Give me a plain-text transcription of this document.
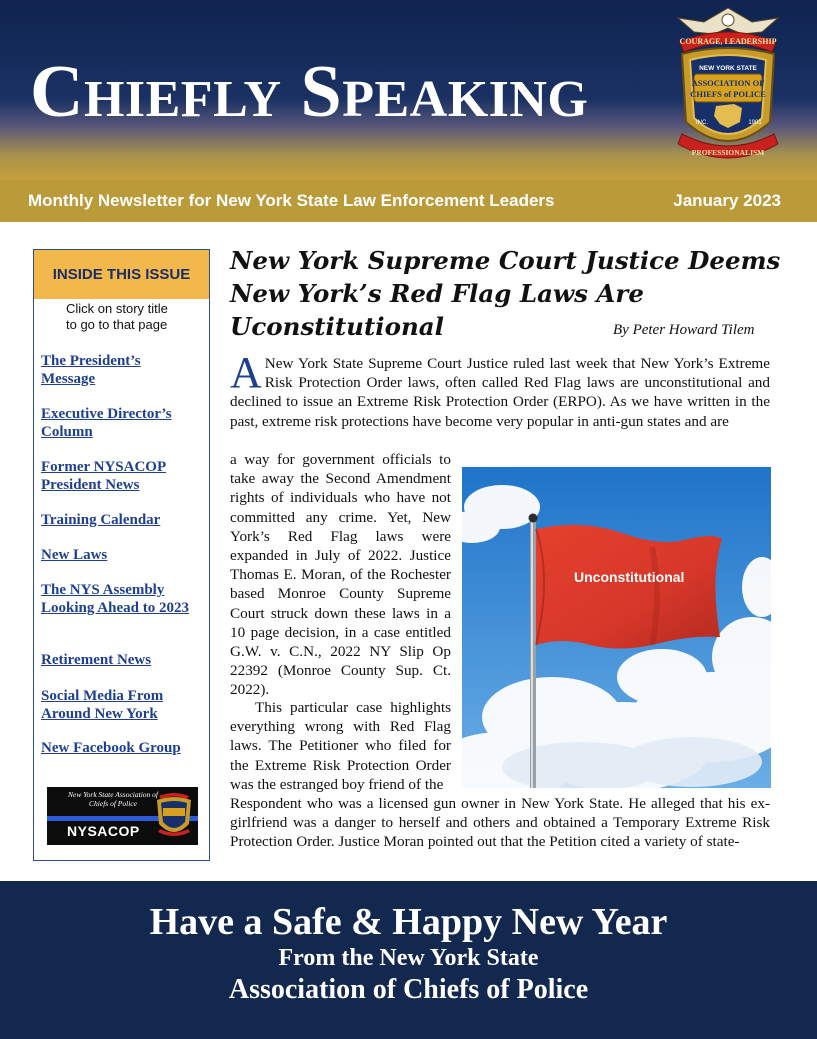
Chiefly Speaking
COURAGE, LEADERSHIP
NEW YORK STATE
ASSOCIATION OF
CHIEFS of POLICE
INC.	1901
PROFESSIONALISM
Monthly Newsletter for New York State Law Enforcement Leaders	January 2023
INSIDE THIS ISSUE
Click on story title
to go to that page
The President’s Message
Executive Director’s Column
Former NYSACOP President News
Training Calendar
New Laws
The NYS Assembly Looking Ahead to 2023
Retirement News
Social Media From Around New York
New Facebook Group
New York State Association of Chiefs of Police
NYSACOP
New York Supreme Court Justice Deems New York’s Red Flag Laws Are Uconstitutional	By Peter Howard Tilem

A New York State Supreme Court Justice ruled last week that New York’s Extreme Risk Protection Order laws, often called Red Flag laws are unconstitutional and declined to issue an Extreme Risk Protection Order (ERPO). As we have written in the past, extreme risk protections have become very popular in anti-gun states and are

a way for government officials to take away the Second Amendment rights of individuals who have not committed any crime. Yet, New York’s Red Flag laws were expanded in July of 2022. Justice Thomas E. Moran, of the Rochester based Monroe County Supreme Court struck down these laws in a 10 page decision, in a case entitled G.W. v. C.N., 2022 NY Slip Op 22392 (Monroe County Sup. Ct. 2022).

Unconstitutional

This particular case highlights everything wrong with Red Flag laws. The Petitioner who filed for the Extreme Risk Protection Order was the estranged boy friend of the

Respondent who was a licensed gun owner in New York State. He alleged that his ex-girlfriend was a danger to herself and others and obtained a Temporary Extreme Risk Protection Order. Justice Moran pointed out that the Petition cited a variety of state-

Have a Safe & Happy New Year
From the New York State
Association of Chiefs of Police
